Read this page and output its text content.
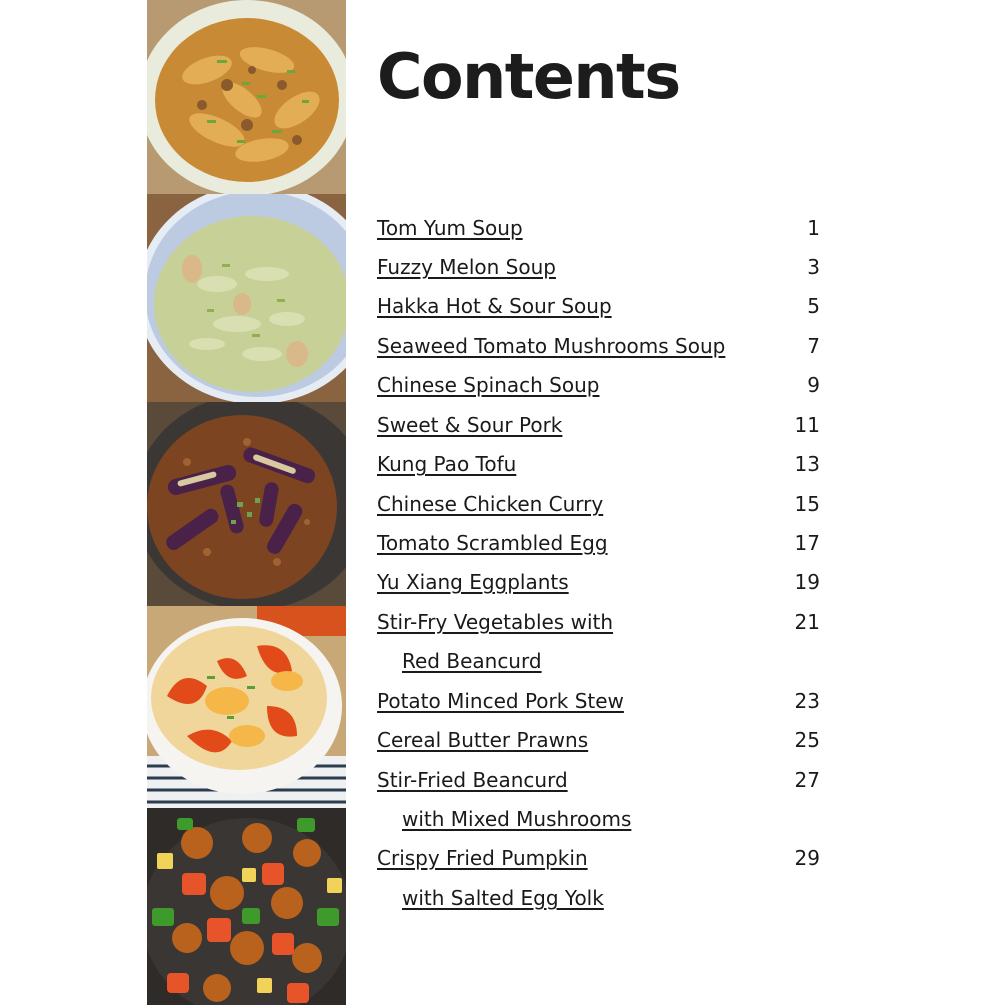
Contents
Tom Yum Soup	1
Fuzzy Melon Soup	3
Hakka Hot & Sour Soup	5
Seaweed Tomato Mushrooms Soup	7
Chinese Spinach Soup	9
Sweet & Sour Pork	11
Kung Pao Tofu	13
Chinese Chicken Curry	15
Tomato Scrambled Egg	17
Yu Xiang Eggplants	19
Stir-Fry Vegetables with	21
Red Beancurd
Potato Minced Pork Stew	23
Cereal Butter Prawns	25
Stir-Fried Beancurd	27
with Mixed Mushrooms
Crispy Fried Pumpkin	29
with Salted Egg Yolk
